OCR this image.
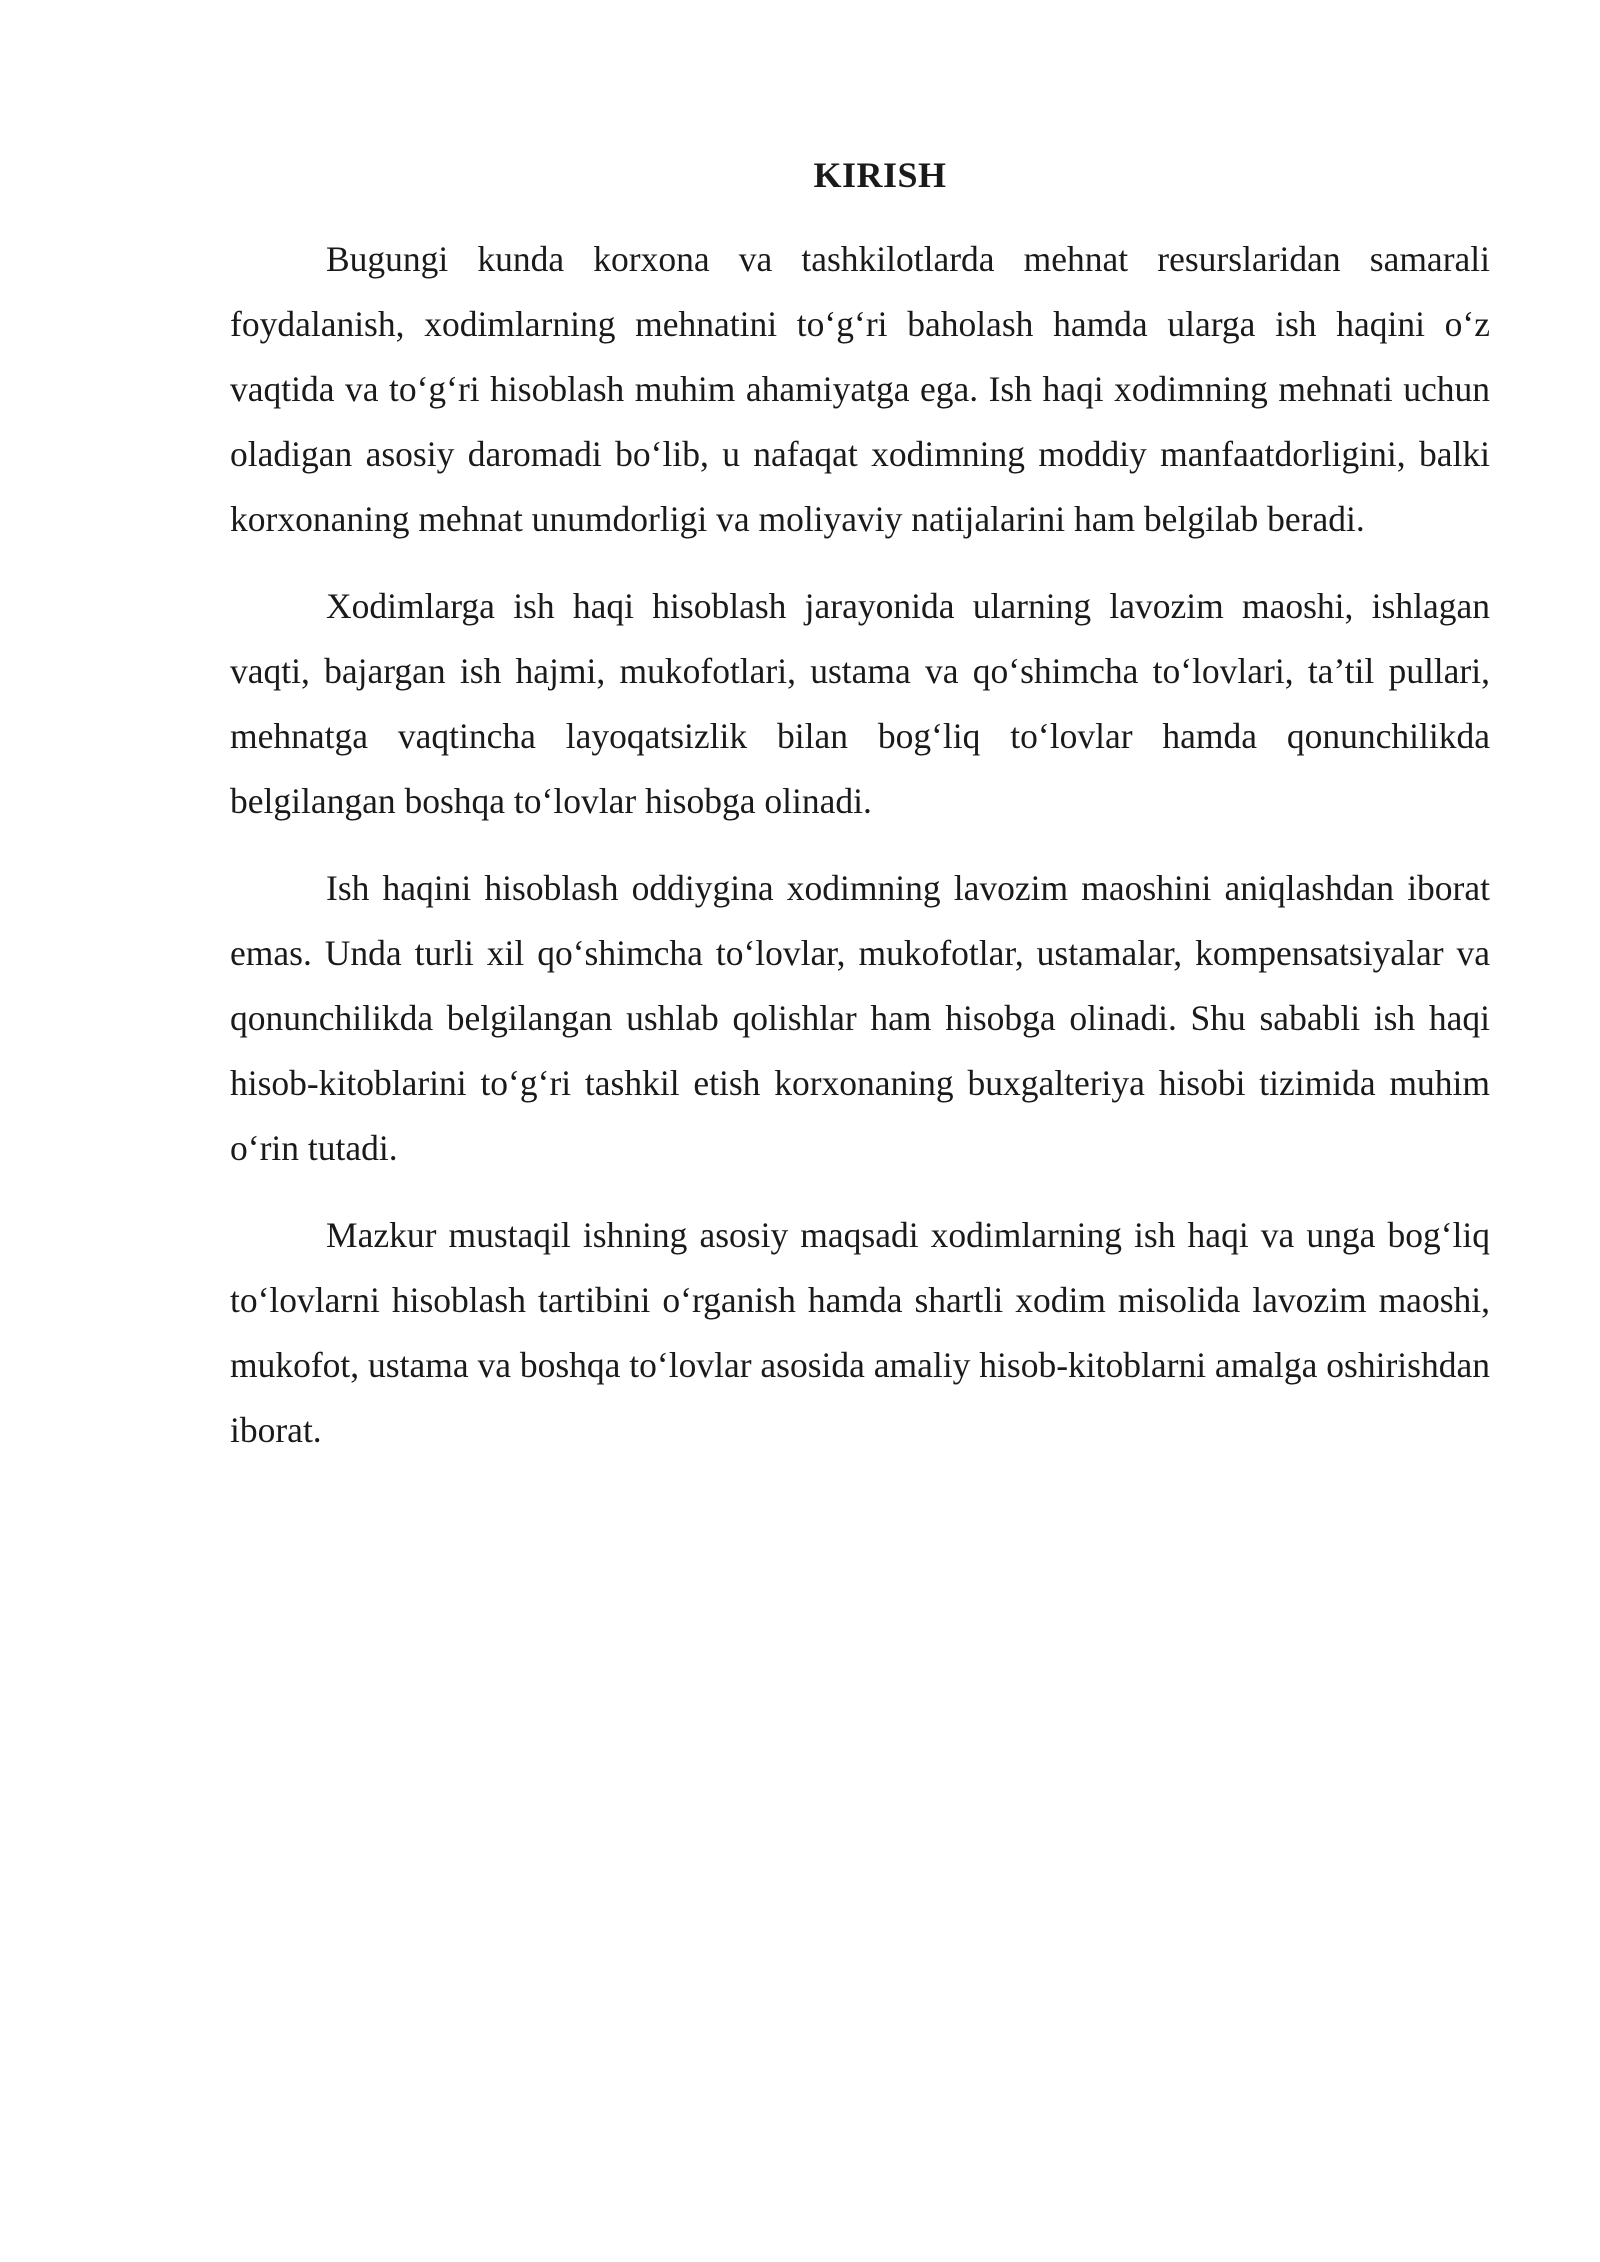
KIRISH

Bugungi kunda korxona va tashkilotlarda mehnat resurslaridan samarali foydalanish, xodimlarning mehnatini to‘g‘ri baholash hamda ularga ish haqini o‘z vaqtida va to‘g‘ri hisoblash muhim ahamiyatga ega. Ish haqi xodimning mehnati uchun oladigan asosiy daromadi bo‘lib, u nafaqat xodimning moddiy manfaatdorligini, balki korxonaning mehnat unumdorligi va moliyaviy natijalarini ham belgilab beradi.

Xodimlarga ish haqi hisoblash jarayonida ularning lavozim maoshi, ishlagan vaqti, bajargan ish hajmi, mukofotlari, ustama va qo‘shimcha to‘lovlari, ta’til pullari, mehnatga vaqtincha layoqatsizlik bilan bog‘liq to‘lovlar hamda qonunchilikda belgilangan boshqa to‘lovlar hisobga olinadi.

Ish haqini hisoblash oddiygina xodimning lavozim maoshini aniqlashdan iborat emas. Unda turli xil qo‘shimcha to‘lovlar, mukofotlar, ustamalar, kompensatsiyalar va qonunchilikda belgilangan ushlab qolishlar ham hisobga olinadi. Shu sababli ish haqi hisob-kitoblarini to‘g‘ri tashkil etish korxonaning buxgalteriya hisobi tizimida muhim o‘rin tutadi.

Mazkur mustaqil ishning asosiy maqsadi xodimlarning ish haqi va unga bog‘liq to‘lovlarni hisoblash tartibini o‘rganish hamda shartli xodim misolida lavozim maoshi, mukofot, ustama va boshqa to‘lovlar asosida amaliy hisob-kitoblarni amalga oshirishdan iborat.
